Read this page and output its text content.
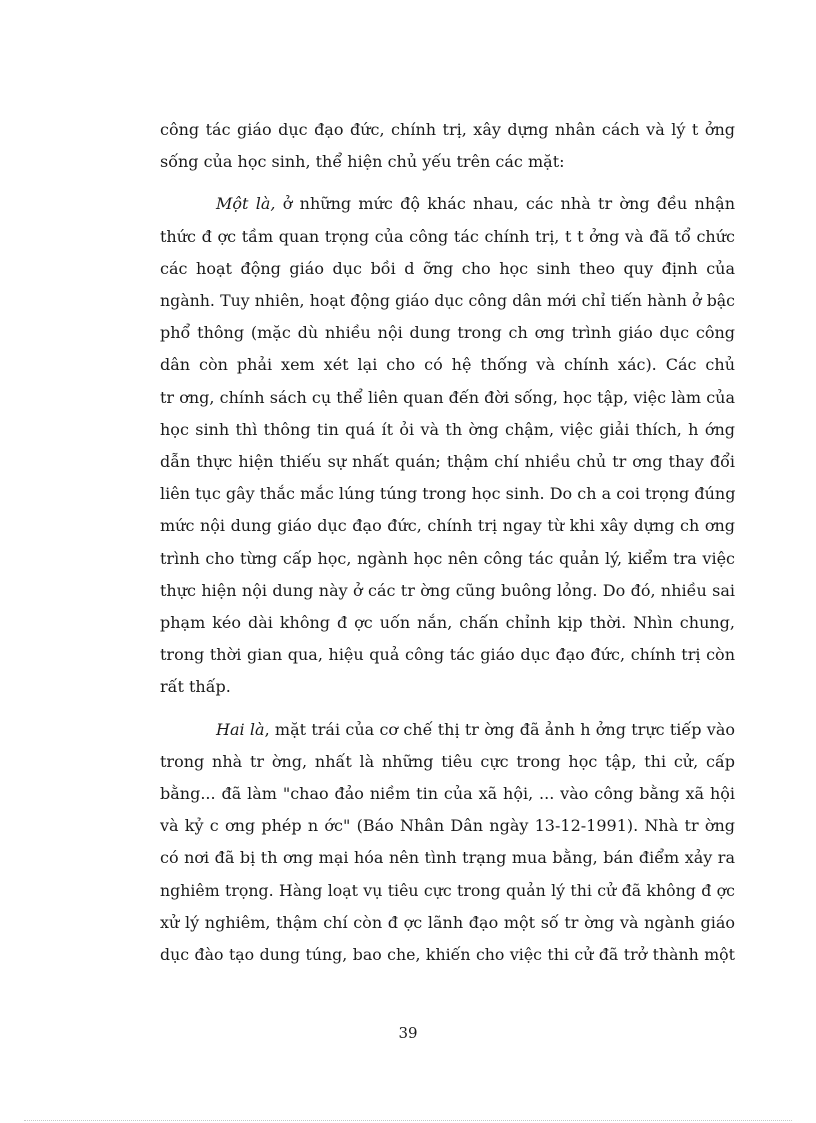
công tác giáo dục đạo đức, chính trị, xây dựng nhân cách và lý t ởng
sống của học sinh, thể hiện chủ yếu trên các mặt:
Một là, ở những mức độ khác nhau, các nhà tr ờng đều nhận
thức đ ợc tầm quan trọng của công tác chính trị, t t ởng và đã tổ chức
các hoạt động giáo dục bồi d ỡng cho học sinh theo quy định của
ngành. Tuy nhiên, hoạt động giáo dục công dân mới chỉ tiến hành ở bậc
phổ thông (mặc dù nhiều nội dung trong ch ơng trình giáo dục công
dân còn phải xem xét lại cho có hệ thống và chính xác). Các chủ
tr ơng, chính sách cụ thể liên quan đến đời sống, học tập, việc làm của
học sinh thì thông tin quá ít ỏi và th ờng chậm, việc giải thích, h ớng
dẫn thực hiện thiếu sự nhất quán; thậm chí nhiều chủ tr ơng thay đổi
liên tục gây thắc mắc lúng túng trong học sinh. Do ch a coi trọng đúng
mức nội dung giáo dục đạo đức, chính trị ngay từ khi xây dựng ch ơng
trình cho từng cấp học, ngành học nên công tác quản lý, kiểm tra việc
thực hiện nội dung này ở các tr ờng cũng buông lỏng. Do đó, nhiều sai
phạm kéo dài không đ ợc uốn nắn, chấn chỉnh kịp thời. Nhìn chung,
trong thời gian qua, hiệu quả công tác giáo dục đạo đức, chính trị còn
rất thấp.
Hai là, mặt trái của cơ chế thị tr ờng đã ảnh h ởng trực tiếp vào
trong nhà tr ờng, nhất là những tiêu cực trong học tập, thi cử, cấp
bằng... đã làm "chao đảo niềm tin của xã hội, ... vào công bằng xã hội
và kỷ c ơng phép n ớc" (Báo Nhân Dân ngày 13-12-1991). Nhà tr ờng
có nơi đã bị th ơng mại hóa nên tình trạng mua bằng, bán điểm xảy ra
nghiêm trọng. Hàng loạt vụ tiêu cực trong quản lý thi cử đã không đ ợc
xử lý nghiêm, thậm chí còn đ ợc lãnh đạo một số tr ờng và ngành giáo
dục đào tạo dung túng, bao che, khiến cho việc thi cử đã trở thành một
39
